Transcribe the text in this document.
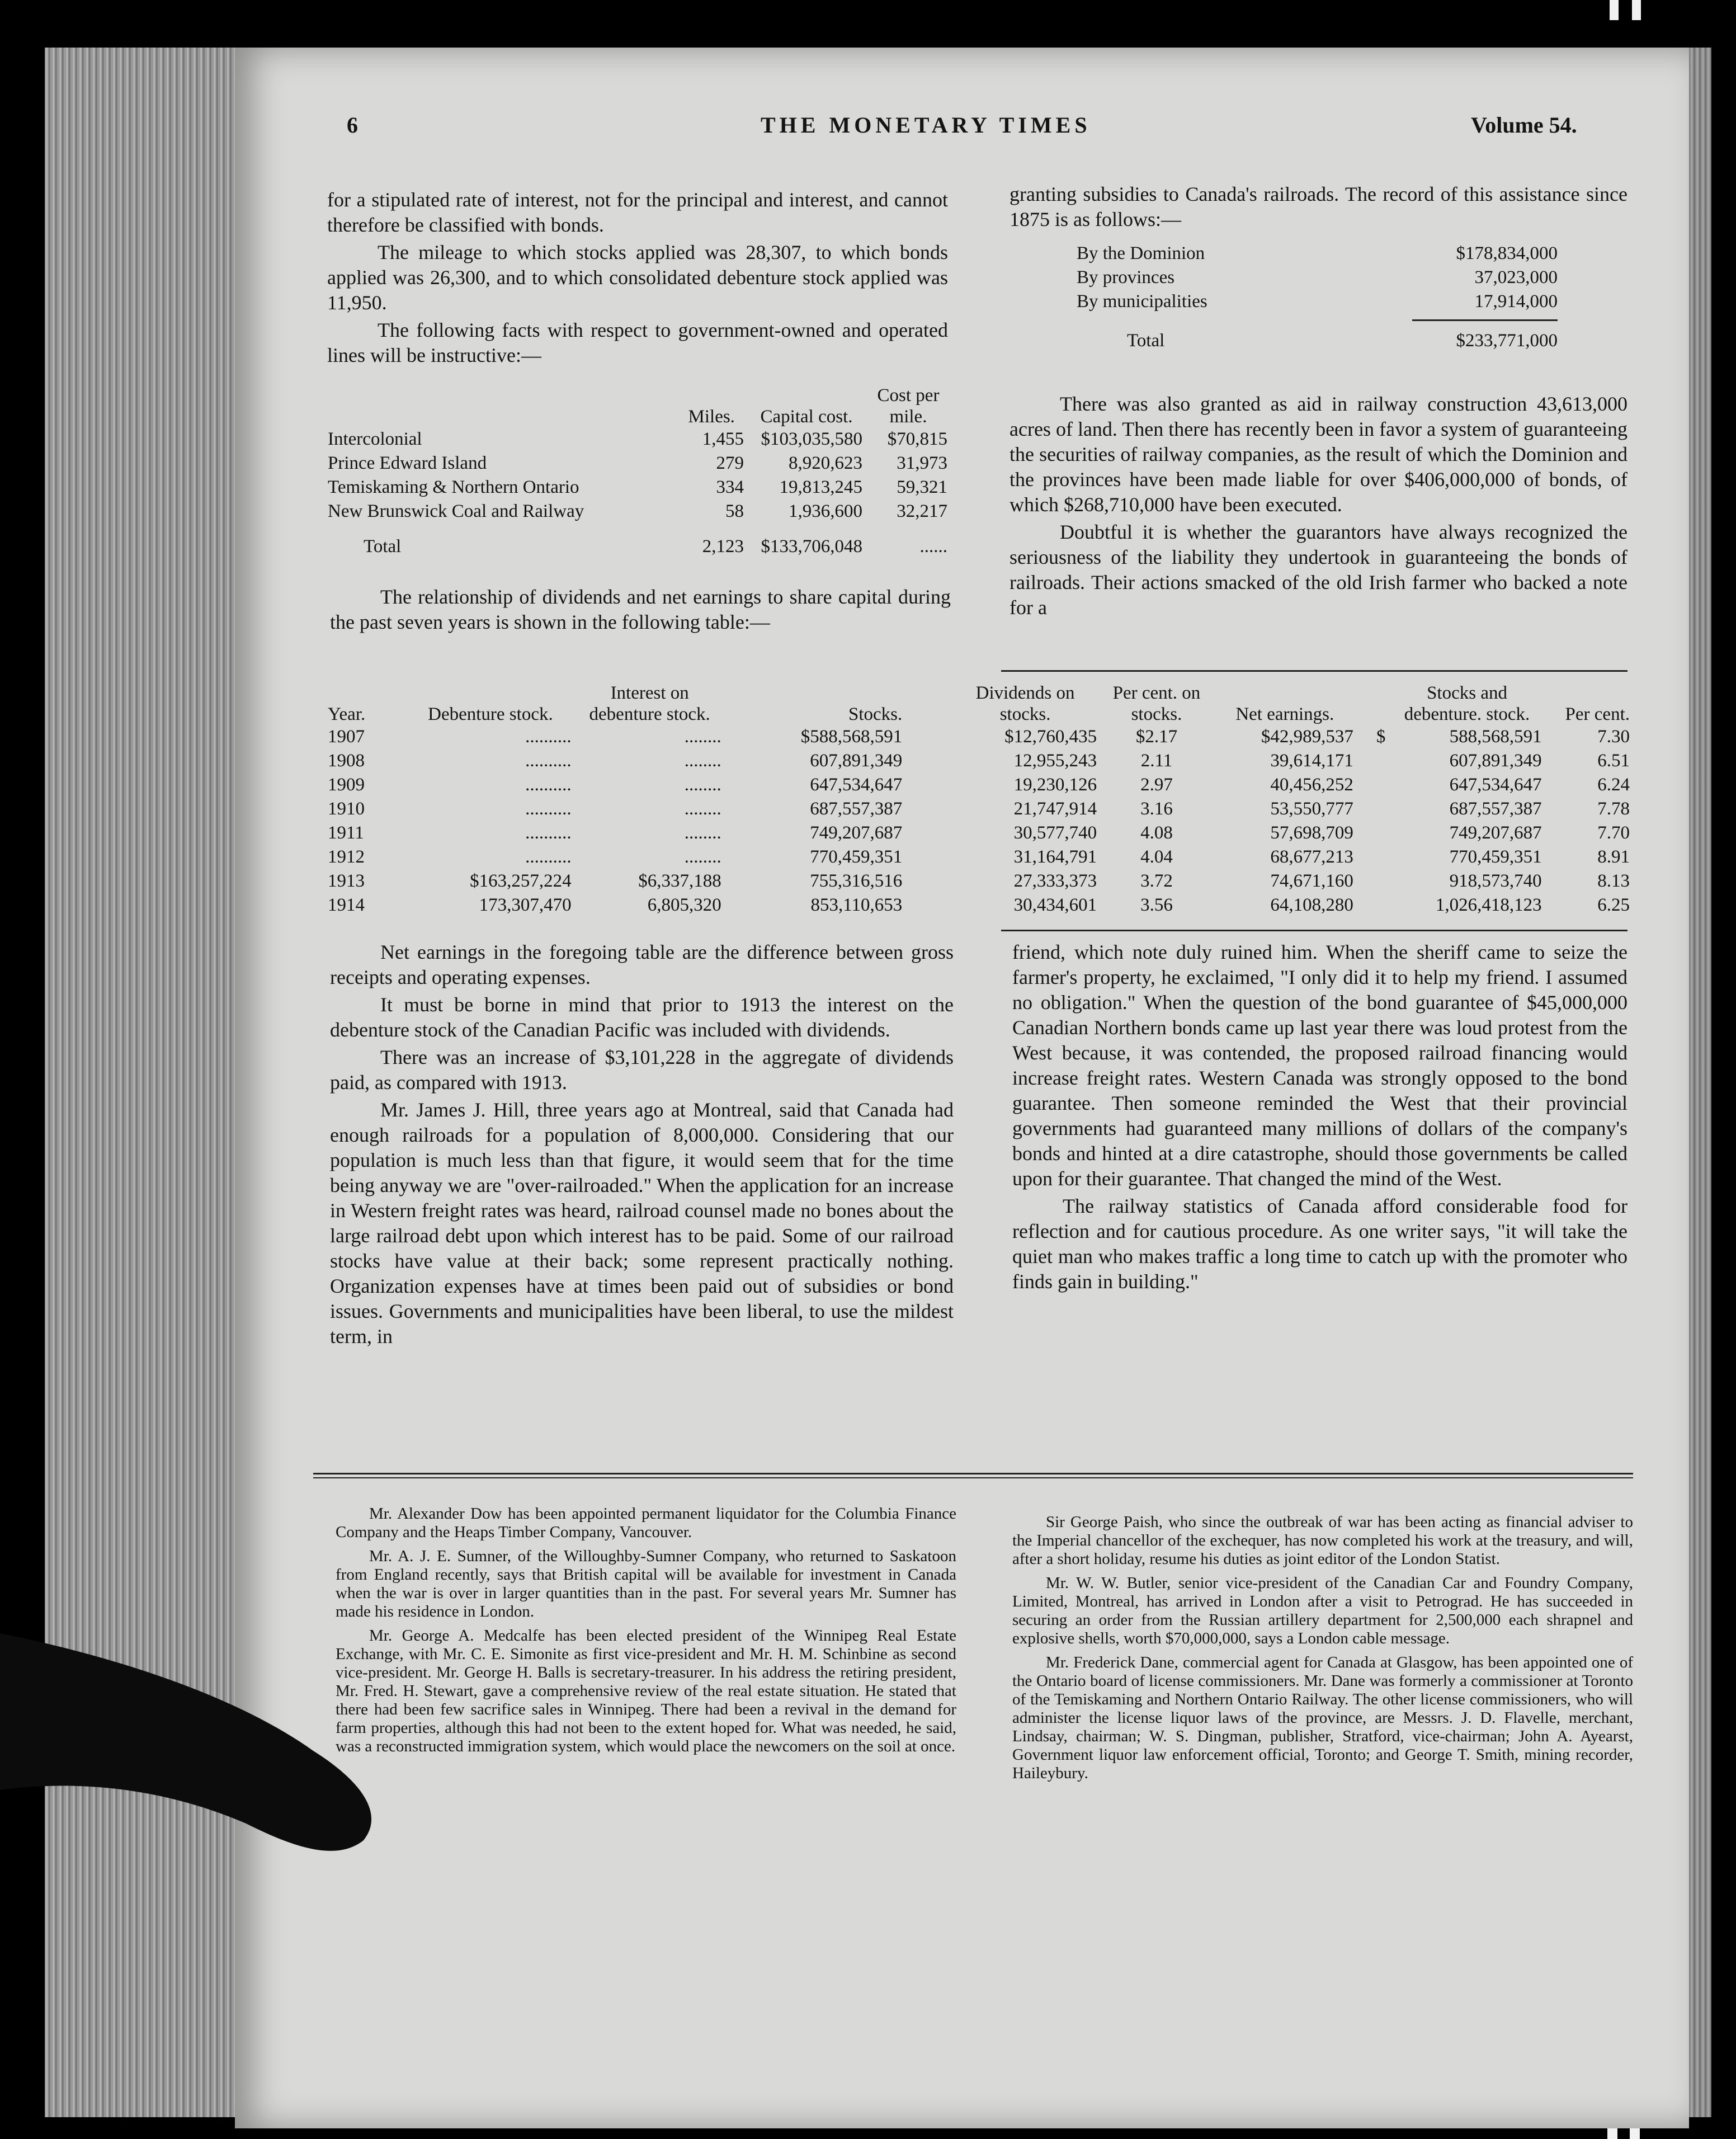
6	THE MONETARY TIMES	Volume 54.

for a stipulated rate of interest, not for the principal and interest, and cannot therefore be classified with bonds.

The mileage to which stocks applied was 28,307, to which bonds applied was 26,300, and to which consolidated debenture stock applied was 11,950.

The following facts with respect to government-owned and operated lines will be instructive:—

	Miles.	Capital cost.	Cost per mile.
Intercolonial	1,455	$103,035,580	$70,815
Prince Edward Island	279	8,920,623	31,973
Temiskaming & Northern Ontario	334	19,813,245	59,321
New Brunswick Coal and Railway	58	1,936,600	32,217

Total	2,123	$133,706,048	......

The relationship of dividends and net earnings to share capital during the past seven years is shown in the following table:—

granting subsidies to Canada's railroads. The record of this assistance since 1875 is as follows:—

By the Dominion	$178,834,000
By provinces	37,023,000
By municipalities	17,914,000
Total	$233,771,000

There was also granted as aid in railway construction 43,613,000 acres of land. Then there has recently been in favor a system of guaranteeing the securities of railway companies, as the result of which the Dominion and the provinces have been made liable for over $406,000,000 of bonds, of which $268,710,000 have been executed.

Doubtful it is whether the guarantors have always recognized the seriousness of the liability they undertook in guaranteeing the bonds of railroads. Their actions smacked of the old Irish farmer who backed a note for a

Year.	Debenture stock.	Interest on debenture stock.	Stocks.		Dividends on stocks.	Per cent. on stocks.	Net earnings.		Stocks and debenture. stock.	Per cent.
1907	..........	........	$588,568,591		$12,760,435	$2.17	$42,989,537	$	588,568,591	7.30
1908	..........	........	607,891,349		12,955,243	2.11	39,614,171		607,891,349	6.51
1909	..........	........	647,534,647		19,230,126	2.97	40,456,252		647,534,647	6.24
1910	..........	........	687,557,387		21,747,914	3.16	53,550,777		687,557,387	7.78
1911	..........	........	749,207,687		30,577,740	4.08	57,698,709		749,207,687	7.70
1912	..........	........	770,459,351		31,164,791	4.04	68,677,213		770,459,351	8.91
1913	$163,257,224	$6,337,188	755,316,516		27,333,373	3.72	74,671,160		918,573,740	8.13
1914	173,307,470	6,805,320	853,110,653		30,434,601	3.56	64,108,280		1,026,418,123	6.25

Net earnings in the foregoing table are the difference between gross receipts and operating expenses.

It must be borne in mind that prior to 1913 the interest on the debenture stock of the Canadian Pacific was included with dividends.

There was an increase of $3,101,228 in the aggregate of dividends paid, as compared with 1913.

Mr. James J. Hill, three years ago at Montreal, said that Canada had enough railroads for a population of 8,000,000. Considering that our population is much less than that figure, it would seem that for the time being anyway we are "over-railroaded." When the application for an increase in Western freight rates was heard, railroad counsel made no bones about the large railroad debt upon which interest has to be paid. Some of our railroad stocks have value at their back; some represent practically nothing. Organization expenses have at times been paid out of subsidies or bond issues. Governments and municipalities have been liberal, to use the mildest term, in

friend, which note duly ruined him. When the sheriff came to seize the farmer's property, he exclaimed, "I only did it to help my friend. I assumed no obligation." When the question of the bond guarantee of $45,000,000 Canadian Northern bonds came up last year there was loud protest from the West because, it was contended, the proposed railroad financing would increase freight rates. Western Canada was strongly opposed to the bond guarantee. Then someone reminded the West that their provincial governments had guaranteed many millions of dollars of the company's bonds and hinted at a dire catastrophe, should those governments be called upon for their guarantee. That changed the mind of the West.

The railway statistics of Canada afford considerable food for reflection and for cautious procedure. As one writer says, "it will take the quiet man who makes traffic a long time to catch up with the promoter who finds gain in building."

Mr. Alexander Dow has been appointed permanent liquidator for the Columbia Finance Company and the Heaps Timber Company, Vancouver.

Mr. A. J. E. Sumner, of the Willoughby-Sumner Company, who returned to Saskatoon from England recently, says that British capital will be available for investment in Canada when the war is over in larger quantities than in the past. For several years Mr. Sumner has made his residence in London.

Mr. George A. Medcalfe has been elected president of the Winnipeg Real Estate Exchange, with Mr. C. E. Simonite as first vice-president and Mr. H. M. Schinbine as second vice-president. Mr. George H. Balls is secretary-treasurer. In his address the retiring president, Mr. Fred. H. Stewart, gave a comprehensive review of the real estate situation. He stated that there had been few sacrifice sales in Winnipeg. There had been a revival in the demand for farm properties, although this had not been to the extent hoped for. What was needed, he said, was a reconstructed immigration system, which would place the newcomers on the soil at once.

Sir George Paish, who since the outbreak of war has been acting as financial adviser to the Imperial chancellor of the exchequer, has now completed his work at the treasury, and will, after a short holiday, resume his duties as joint editor of the London Statist.

Mr. W. W. Butler, senior vice-president of the Canadian Car and Foundry Company, Limited, Montreal, has arrived in London after a visit to Petrograd. He has succeeded in securing an order from the Russian artillery department for 2,500,000 each shrapnel and explosive shells, worth $70,000,000, says a London cable message.

Mr. Frederick Dane, commercial agent for Canada at Glasgow, has been appointed one of the Ontario board of license commissioners. Mr. Dane was formerly a commissioner at Toronto of the Temiskaming and Northern Ontario Railway. The other license commissioners, who will administer the license liquor laws of the province, are Messrs. J. D. Flavelle, merchant, Lindsay, chairman; W. S. Dingman, publisher, Stratford, vice-chairman; John A. Ayearst, Government liquor law enforcement official, Toronto; and George T. Smith, mining recorder, Haileybury.
